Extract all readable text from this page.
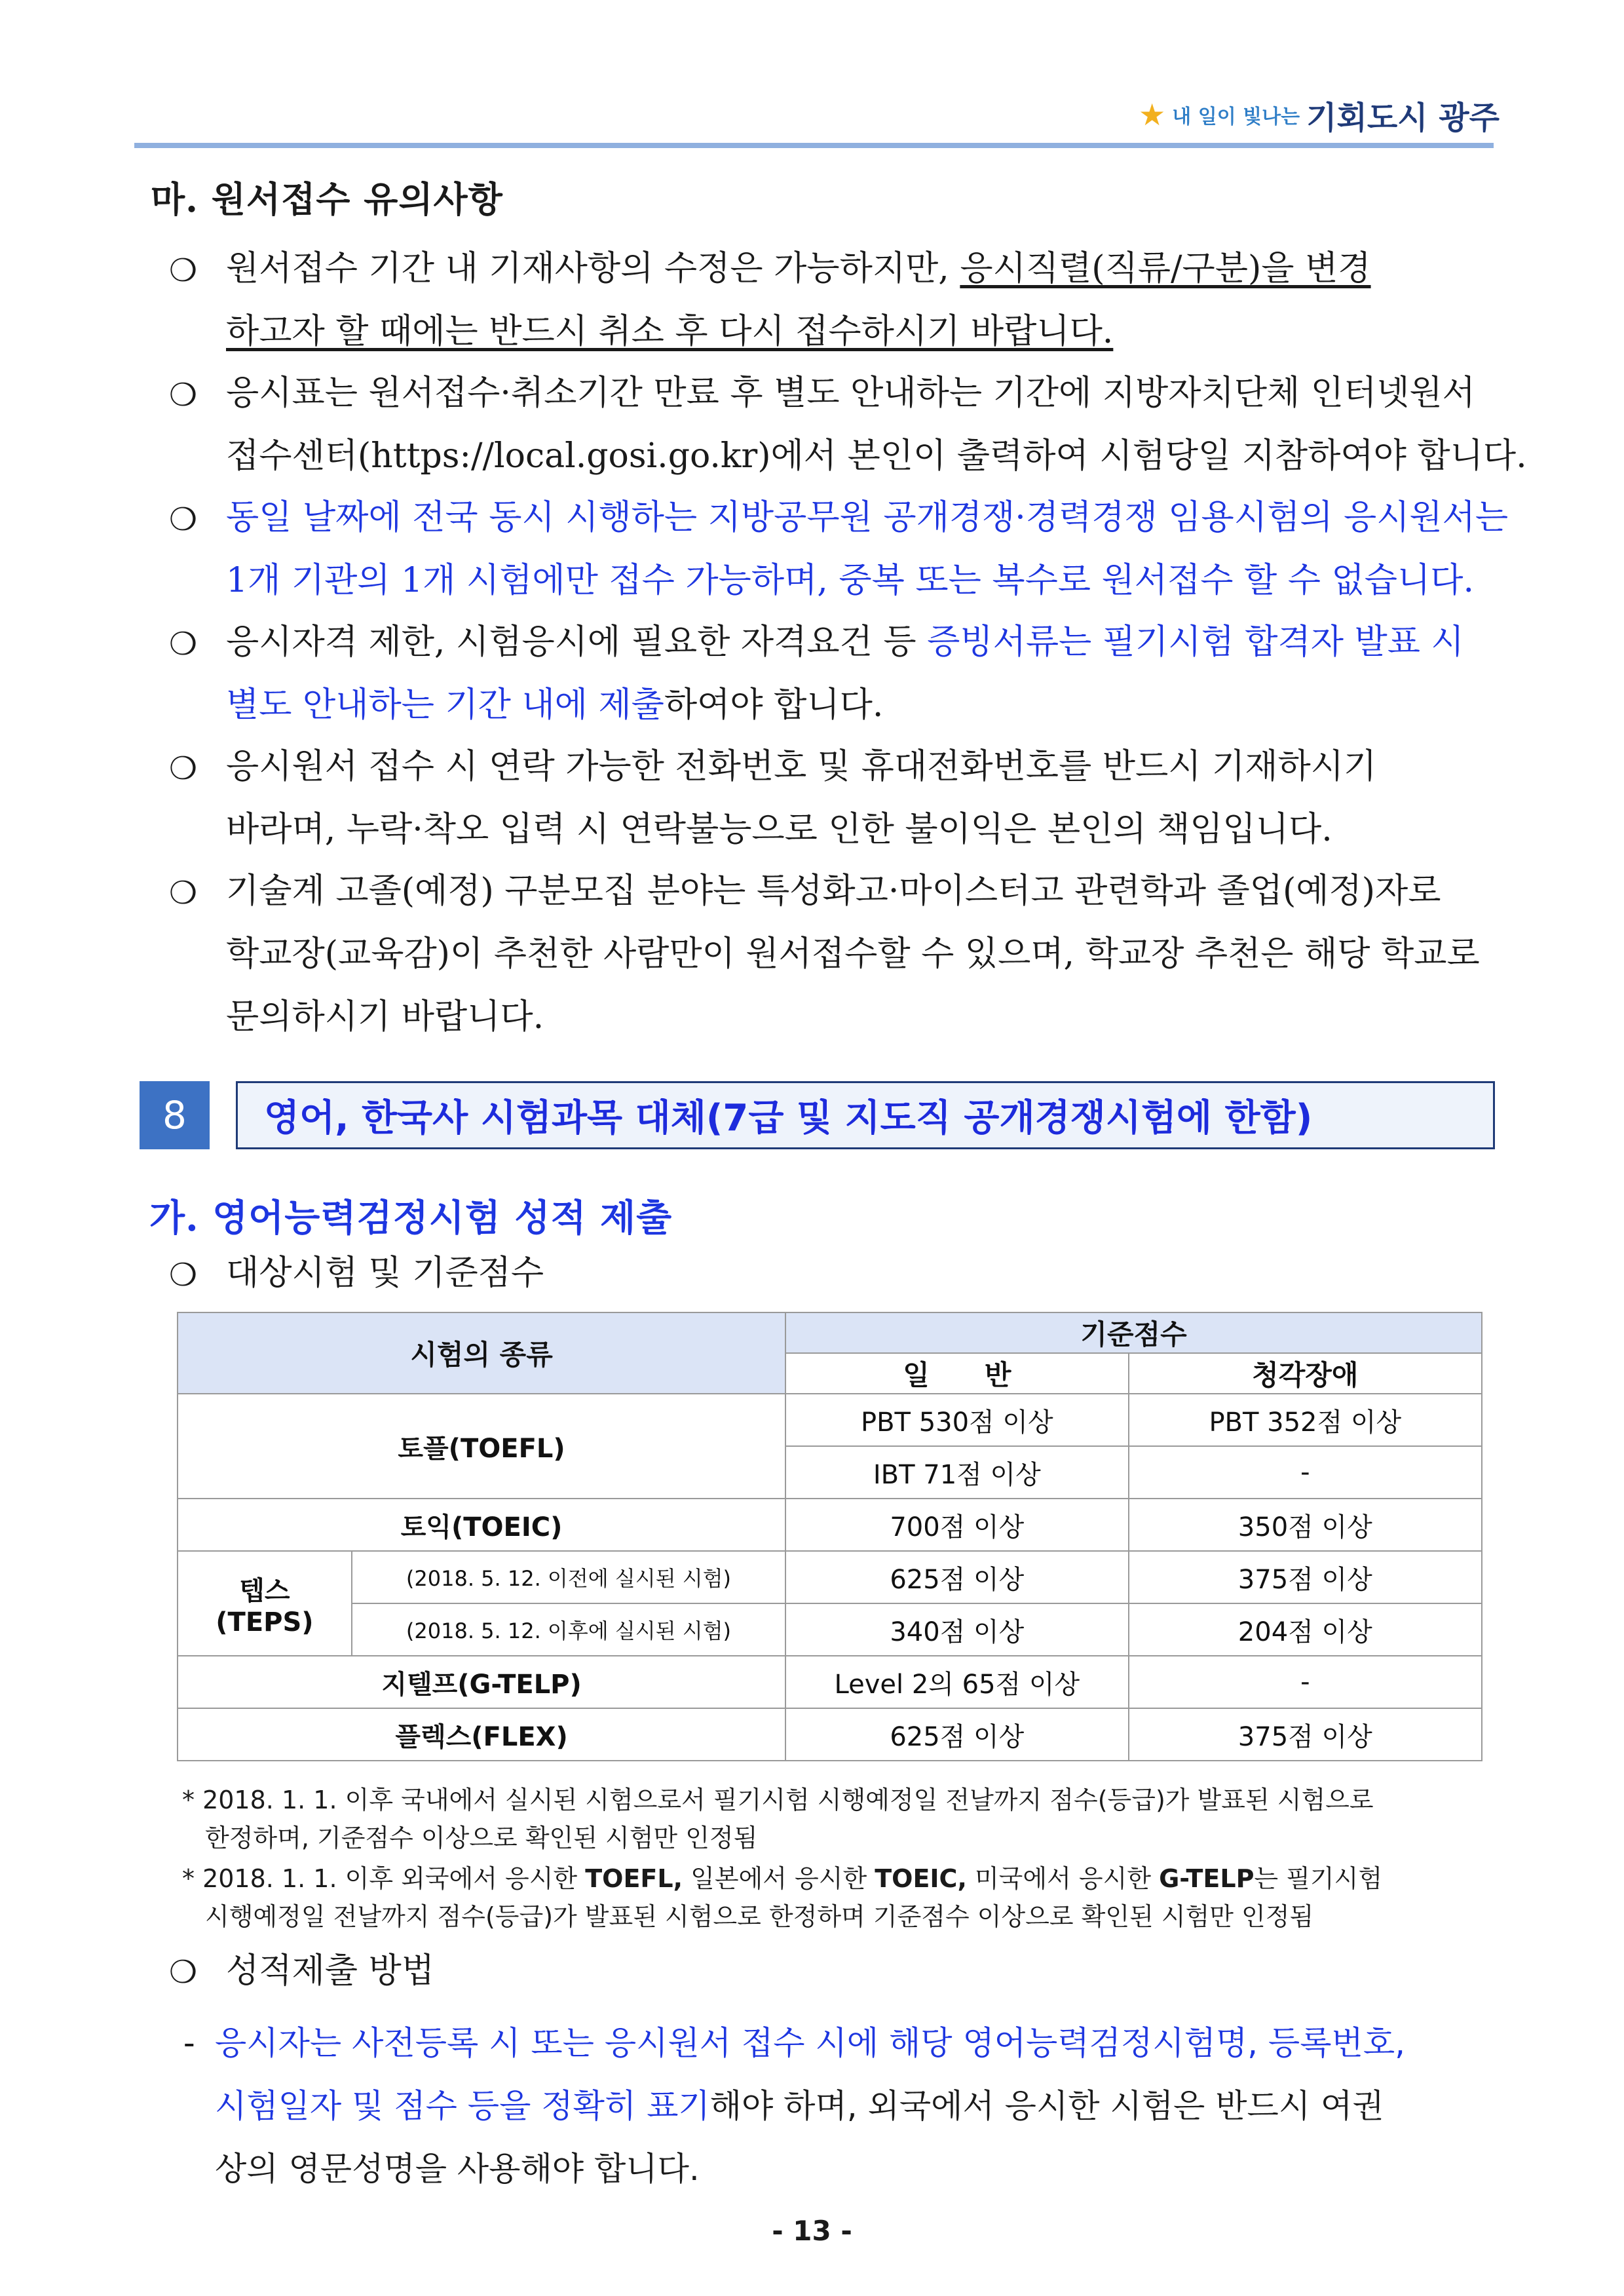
★ 내 일이 빛나는 기회도시 광주
마. 원서접수 유의사항
❍ 원서접수 기간 내 기재사항의 수정은 가능하지만, 응시직렬(직류/구분)을 변경
하고자 할 때에는 반드시 취소 후 다시 접수하시기 바랍니다.
❍ 응시표는 원서접수·취소기간 만료 후 별도 안내하는 기간에 지방자치단체 인터넷원서
접수센터(https://local.gosi.go.kr)에서 본인이 출력하여 시험당일 지참하여야 합니다.
❍ 동일 날짜에 전국 동시 시행하는 지방공무원 공개경쟁·경력경쟁 임용시험의 응시원서는
1개 기관의 1개 시험에만 접수 가능하며, 중복 또는 복수로 원서접수 할 수 없습니다.
❍ 응시자격 제한, 시험응시에 필요한 자격요건 등 증빙서류는 필기시험 합격자 발표 시
별도 안내하는 기간 내에 제출하여야 합니다.
❍ 응시원서 접수 시 연락 가능한 전화번호 및 휴대전화번호를 반드시 기재하시기
바라며, 누락·착오 입력 시 연락불능으로 인한 불이익은 본인의 책임입니다.
❍ 기술계 고졸(예정) 구분모집 분야는 특성화고·마이스터고 관련학과 졸업(예정)자로
학교장(교육감)이 추천한 사람만이 원서접수할 수 있으며, 학교장 추천은 해당 학교로
문의하시기 바랍니다.
8	영어, 한국사 시험과목 대체(7급 및 지도직 공개경쟁시험에 한함)
가. 영어능력검정시험 성적 제출
❍ 대상시험 및 기준점수
시험의 종류		기준점수	
		일　　반	청각장애
토플(TOEFL)		PBT 530점 이상	PBT 352점 이상
		IBT 71점 이상	-
토익(TOEIC)		700점 이상	350점 이상

텝스
(TEPS)	(2018. 5. 12. 이전에 실시된 시험)	625점 이상	375점 이상
	(2018. 5. 12. 이후에 실시된 시험)	340점 이상	204점 이상
지텔프(G-TELP)		Level 2의 65점 이상	-
플렉스(FLEX)		625점 이상	375점 이상
* 2018. 1. 1. 이후 국내에서 실시된 시험으로서 필기시험 시행예정일 전날까지 점수(등급)가 발표된 시험으로
한정하며, 기준점수 이상으로 확인된 시험만 인정됨
* 2018. 1. 1. 이후 외국에서 응시한 TOEFL, 일본에서 응시한 TOEIC, 미국에서 응시한 G-TELP는 필기시험
시행예정일 전날까지 점수(등급)가 발표된 시험으로 한정하며 기준점수 이상으로 확인된 시험만 인정됨
❍ 성적제출 방법
- 응시자는 사전등록 시 또는 응시원서 접수 시에 해당 영어능력검정시험명, 등록번호,
시험일자 및 점수 등을 정확히 표기해야 하며, 외국에서 응시한 시험은 반드시 여권
상의 영문성명을 사용해야 합니다.
- 13 -
